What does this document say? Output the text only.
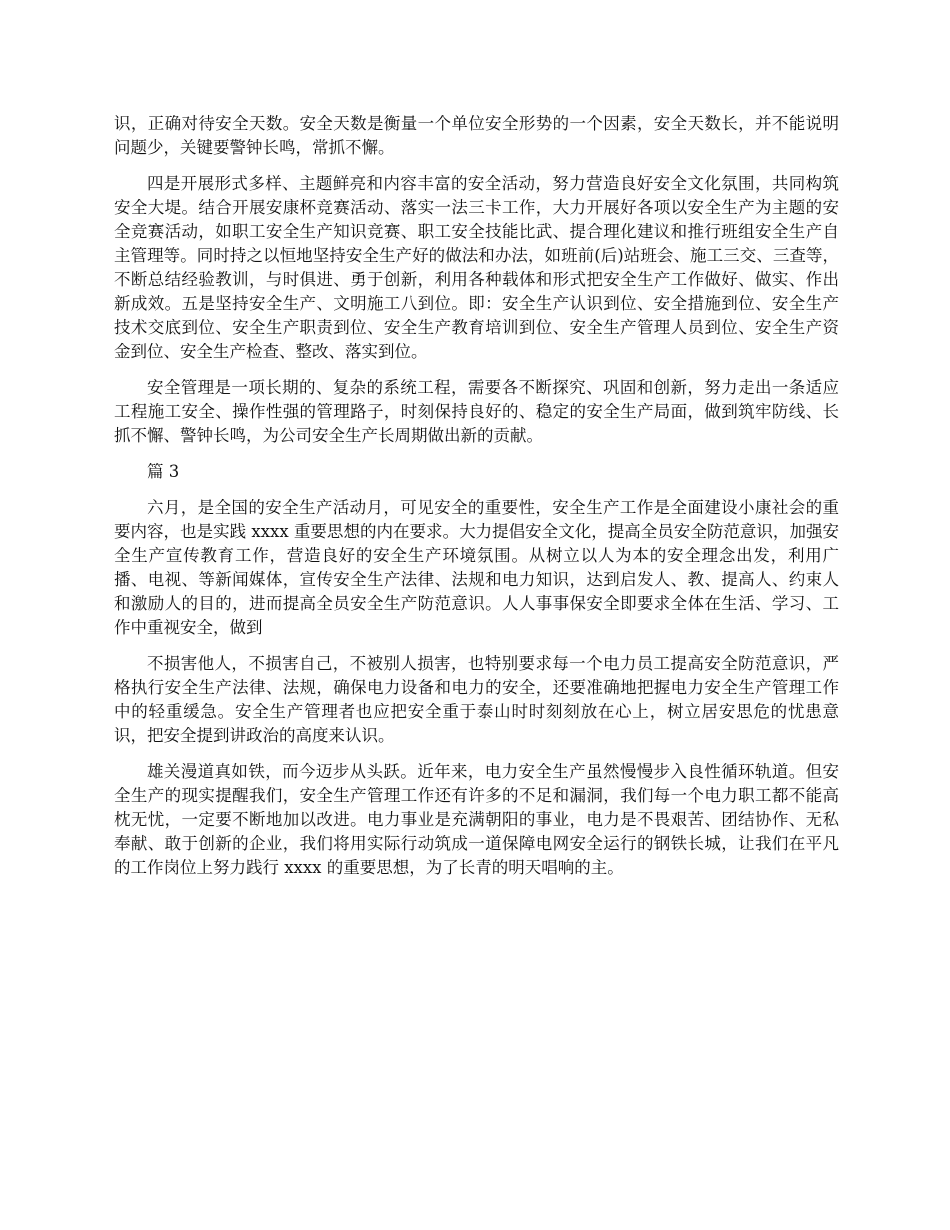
识，正确对待安全天数。安全天数是衡量一个单位安全形势的一个因素，安全天数长，并不能说明问题少，关键要警钟长鸣，常抓不懈。

四是开展形式多样、主题鲜亮和内容丰富的安全活动，努力营造良好安全文化氛围，共同构筑安全大堤。结合开展安康杯竞赛活动、落实一法三卡工作，大力开展好各项以安全生产为主题的安全竞赛活动，如职工安全生产知识竞赛、职工安全技能比武、提合理化建议和推行班组安全生产自主管理等。同时持之以恒地坚持安全生产好的做法和办法，如班前(后)站班会、施工三交、三查等，不断总结经验教训，与时俱进、勇于创新，利用各种载体和形式把安全生产工作做好、做实、作出新成效。五是坚持安全生产、文明施工八到位。即：安全生产认识到位、安全措施到位、安全生产技术交底到位、安全生产职责到位、安全生产教育培训到位、安全生产管理人员到位、安全生产资金到位、安全生产检查、整改、落实到位。

安全管理是一项长期的、复杂的系统工程，需要各不断探究、巩固和创新，努力走出一条适应工程施工安全、操作性强的管理路子，时刻保持良好的、稳定的安全生产局面，做到筑牢防线、长抓不懈、警钟长鸣，为公司安全生产长周期做出新的贡献。

篇 3

六月，是全国的安全生产活动月，可见安全的重要性，安全生产工作是全面建设小康社会的重要内容，也是实践 xxxx 重要思想的内在要求。大力提倡安全文化，提高全员安全防范意识，加强安全生产宣传教育工作，营造良好的安全生产环境氛围。从树立以人为本的安全理念出发，利用广播、电视、等新闻媒体，宣传安全生产法律、法规和电力知识，达到启发人、教、提高人、约束人和激励人的目的，进而提高全员安全生产防范意识。人人事事保安全即要求全体在生活、学习、工作中重视安全，做到

不损害他人，不损害自己，不被别人损害，也特别要求每一个电力员工提高安全防范意识，严格执行安全生产法律、法规，确保电力设备和电力的安全，还要准确地把握电力安全生产管理工作中的轻重缓急。安全生产管理者也应把安全重于泰山时时刻刻放在心上，树立居安思危的忧患意识，把安全提到讲政治的高度来认识。

雄关漫道真如铁，而今迈步从头跃。近年来，电力安全生产虽然慢慢步入良性循环轨道。但安全生产的现实提醒我们，安全生产管理工作还有许多的不足和漏洞，我们每一个电力职工都不能高枕无忧，一定要不断地加以改进。电力事业是充满朝阳的事业，电力是不畏艰苦、团结协作、无私奉献、敢于创新的企业，我们将用实际行动筑成一道保障电网安全运行的钢铁长城，让我们在平凡的工作岗位上努力践行 xxxx 的重要思想，为了长青的明天唱响的主。
